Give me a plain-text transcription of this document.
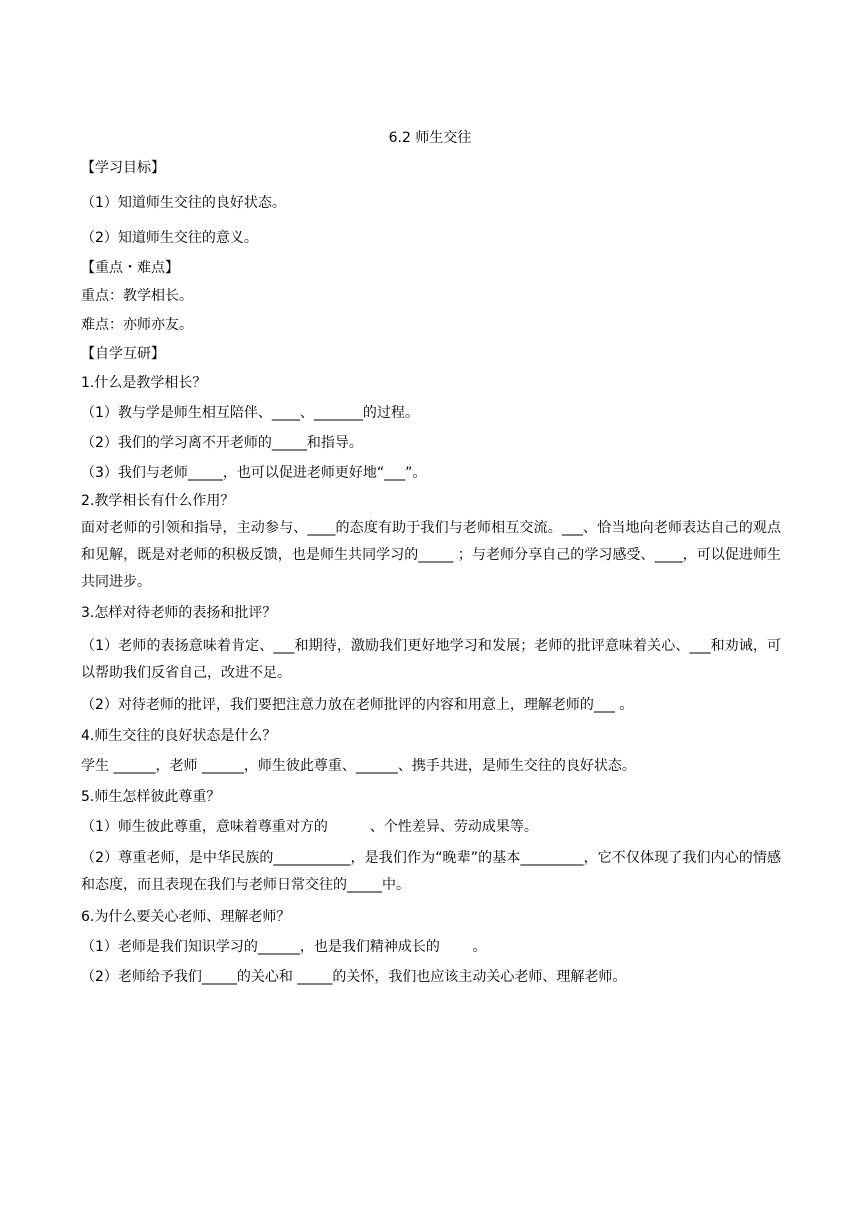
6.2 师生交往
【学习目标】
（1）知道师生交往的良好状态。
（2）知道师生交往的意义。
【重点・难点】
重点：教学相长。
难点：亦师亦友。
【自学互研】
1.什么是教学相长？
（1）教与学是师生相互陪伴、____、_______的过程。
（2）我们的学习离不开老师的_____和指导。
（3）我们与老师_____，也可以促进老师更好地“___”。
2.教学相长有什么作用？
面对老师的引领和指导，主动参与、____的态度有助于我们与老师相互交流。___、恰当地向老师表达自己的观点和见解，既是对老师的积极反馈，也是师生共同学习的_____ ；与老师分享自己的学习感受、____，可以促进师生共同进步。
3.怎样对待老师的表扬和批评？
（1）老师的表扬意味着肯定、___和期待，激励我们更好地学习和发展；老师的批评意味着关心、___和劝诫，可以帮助我们反省自己，改进不足。
（2）对待老师的批评，我们要把注意力放在老师批评的内容和用意上，理解老师的___ 。
4.师生交往的良好状态是什么？
学生 ______，老师 ______，师生彼此尊重、______、携手共进，是师生交往的良好状态。
5.师生怎样彼此尊重？
（1）师生彼此尊重，意味着尊重对方的　　　、个性差异、劳动成果等。
（2）尊重老师，是中华民族的___________，是我们作为“晚辈”的基本_________，它不仅体现了我们内心的情感和态度，而且表现在我们与老师日常交往的_____中。
6.为什么要关心老师、理解老师？
（1）老师是我们知识学习的______，也是我们精神成长的　　 。
（2）老师给予我们_____的关心和 _____的关怀，我们也应该主动关心老师、理解老师。
